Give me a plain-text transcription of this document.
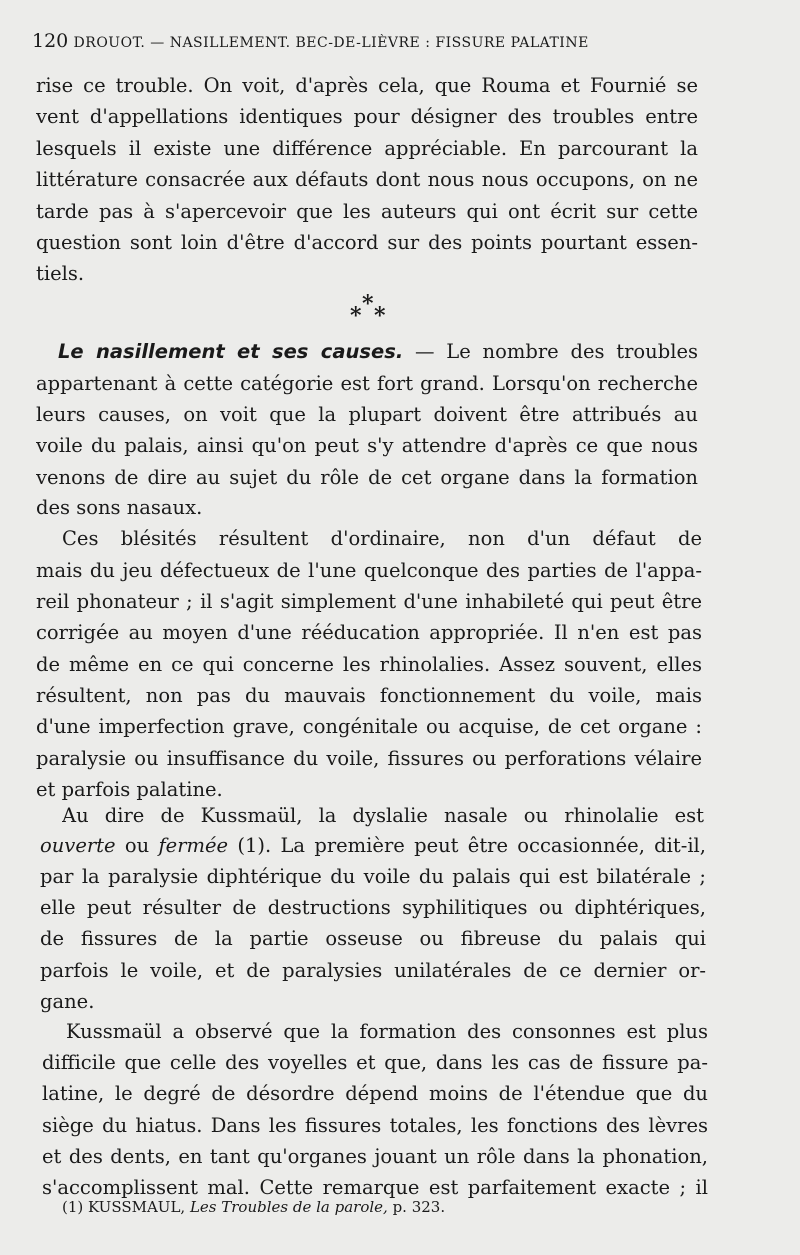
120 DROUOT. — NASILLEMENT. BEC-DE-LIÈVRE : FISSURE PALATINE
rise ce trouble. On voit, d'après cela, que Rouma et Fournié se
vent d'appellations identiques pour désigner des troubles entre
lesquels il existe une différence appréciable. En parcourant la
littérature consacrée aux défauts dont nous nous occupons, on ne
tarde pas à s'apercevoir que les auteurs qui ont écrit sur cette
question sont loin d'être d'accord sur des points pourtant essen-
tiels.
Le nasillement et ses causes. — Le nombre des troubles
appartenant à cette catégorie est fort grand. Lorsqu'on recherche
leurs causes, on voit que la plupart doivent être attribués au
voile du palais, ainsi qu'on peut s'y attendre d'après ce que nous
venons de dire au sujet du rôle de cet organe dans la formation
des sons nasaux.
Ces blésités résultent d'ordinaire, non d'un défaut de
mais du jeu défectueux de l'une quelconque des parties de l'appa-
reil phonateur ; il s'agit simplement d'une inhabileté qui peut être
corrigée au moyen d'une rééducation appropriée. Il n'en est pas
de même en ce qui concerne les rhinolalies. Assez souvent, elles
résultent, non pas du mauvais fonctionnement du voile, mais
d'une imperfection grave, congénitale ou acquise, de cet organe :
paralysie ou insuffisance du voile, fissures ou perforations vélaire
et parfois palatine.
Au dire de Kussmaül, la dyslalie nasale ou rhinolalie est
par la paralysie diphtérique du voile du palais qui est bilatérale ;
elle peut résulter de destructions syphilitiques ou diphtériques,
de fissures de la partie osseuse ou fibreuse du palais qui
parfois le voile, et de paralysies unilatérales de ce dernier or-
gane.
Kussmaül a observé que la formation des consonnes est plus
difficile que celle des voyelles et que, dans les cas de fissure pa-
latine, le degré de désordre dépend moins de l'étendue que du
siège du hiatus. Dans les fissures totales, les fonctions des lèvres
et des dents, en tant qu'organes jouant un rôle dans la phonation,
s'accomplissent mal. Cette remarque est parfaitement exacte ; il
ouverte ou fermée (1). La première peut être occasionnée, dit-il,
*
* *
(1) KUSSMAUL, Les Troubles de la parole, p. 323.
